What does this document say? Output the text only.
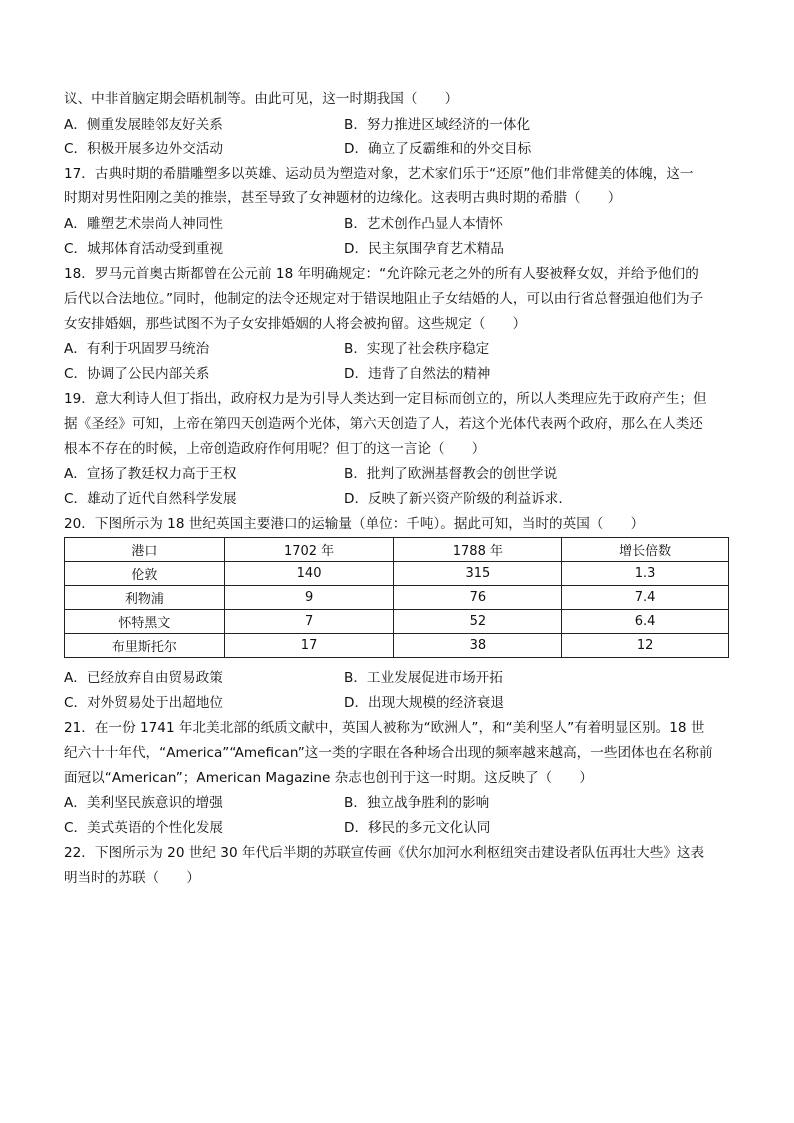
议、中非首脑定期会晤机制等。由此可见，这一时期我国（　　）
A．侧重发展睦邻友好关系	B．努力推进区域经济的一体化
C．积极开展多边外交活动	D．确立了反霸维和的外交目标
17．古典时期的希腊雕塑多以英雄、运动员为塑造对象，艺术家们乐于“还原”他们非常健美的体魄，这一
时期对男性阳刚之美的推崇，甚至导致了女神题材的边缘化。这表明古典时期的希腊（　　）
A．雕塑艺术崇尚人神同性	B．艺术创作凸显人本情怀
C．城邦体育活动受到重视	D．民主氛围孕育艺术精品
18．罗马元首奥古斯都曾在公元前 18 年明确规定：“允许除元老之外的所有人娶被释女奴，并给予他们的
后代以合法地位。”同时，他制定的法令还规定对于错误地阻止子女结婚的人，可以由行省总督强迫他们为子
女安排婚姻，那些试图不为子女安排婚姻的人将会被拘留。这些规定（　　）
A．有利于巩固罗马统治	B．实现了社会秩序稳定
C．协调了公民内部关系	D．违背了自然法的精神
19．意大利诗人但丁指出，政府权力是为引导人类达到一定目标而创立的，所以人类理应先于政府产生；但
据《圣经》可知，上帝在第四天创造两个光体，第六天创造了人，若这个光体代表两个政府，那么在人类还
根本不存在的时候，上帝创造政府作何用呢？但丁的这一言论（　　）
A．宣扬了教廷权力高于王权	B．批判了欧洲基督教会的创世学说
C．雄动了近代自然科学发展	D．反映了新兴资产阶级的利益诉求.
20．下图所示为 18 世纪英国主要港口的运输量（单位：千吨）。据此可知，当时的英国（　　）
港口	1702 年	1788 年	增长倍数
伦敦	140	315	1.3
利物浦	9	76	7.4
怀特黑文	7	52	6.4
布里斯托尔	17	38	12
A．已经放弃自由贸易政策	B．工业发展促进市场开拓
C．对外贸易处于出超地位	D．出现大规模的经济衰退
21．在一份 1741 年北美北部的纸质文献中，英国人被称为“欧洲人”，和“美利坚人”有着明显区别。18 世
纪六十十年代，“America”“Amefican”这一类的字眼在各种场合出现的频率越来越高，一些团体也在名称前
面冠以“American”；American Magazine 杂志也创刊于这一时期。这反映了（　　）
A．美利坚民族意识的增强	B．独立战争胜利的影响
C．美式英语的个性化发展	D．移民的多元文化认同
22．下图所示为 20 世纪 30 年代后半期的苏联宣传画《伏尔加河水利枢纽突击建设者队伍再壮大些》这表
明当时的苏联（　　）
